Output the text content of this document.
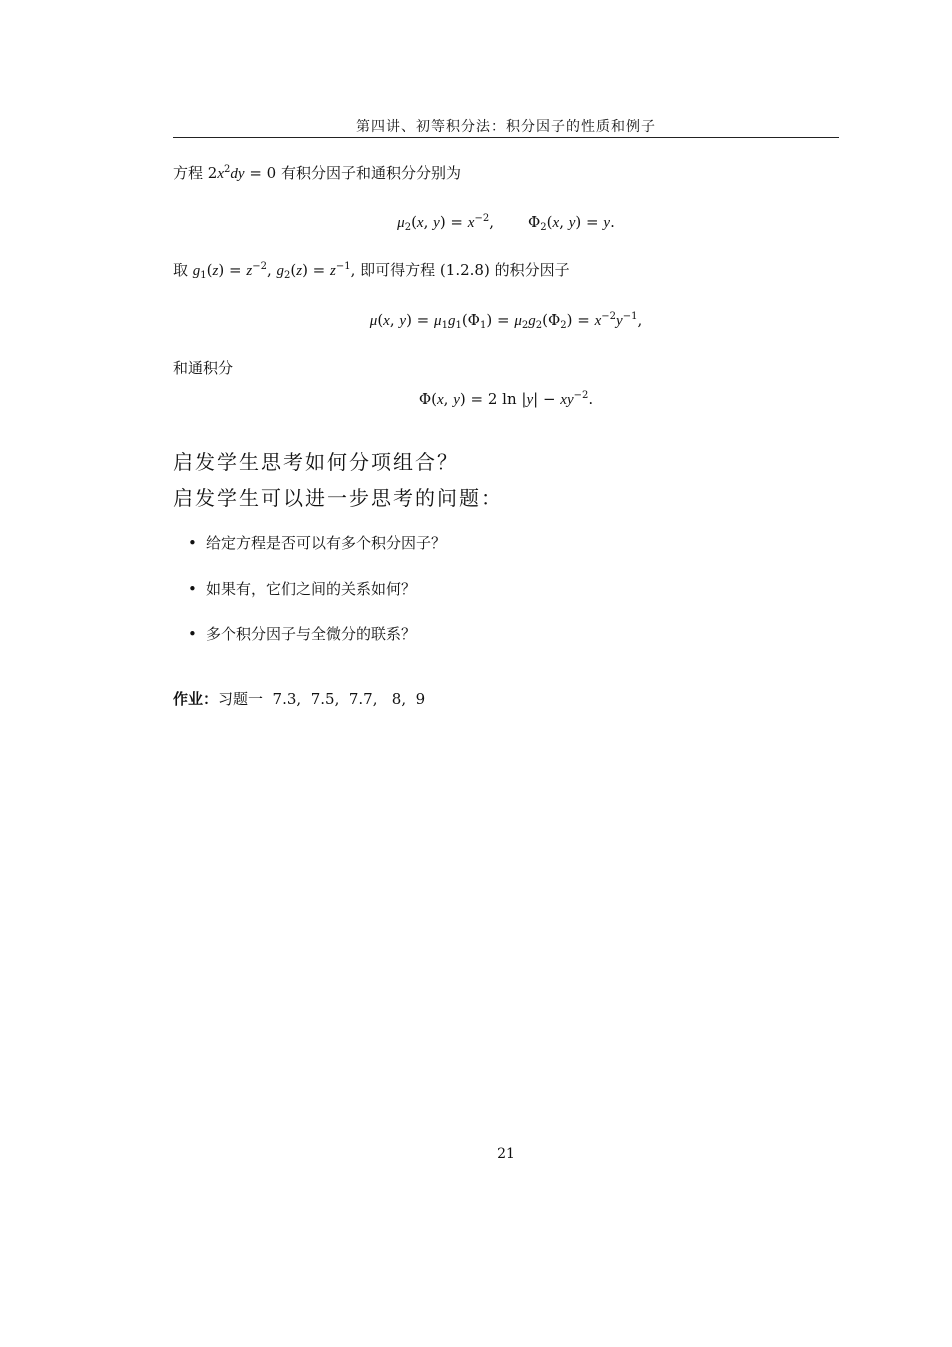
第四讲、初等积分法：积分因子的性质和例子
方程 $2x^2dy = 0$ 有积分因子和通积分分别为
$\mu_2(x$, $y) = x^{-2}$, $\Phi_2(x$, y) = y.
取 $g_1(z) = z^{-2}$, $g_2(z) = z^{-1}$, 即可得方程 (1.2.8) 的积分因子
μ(x, $y) = \mu_1g_1(\Phi_1) = \mu_2g_2(\Phi_2) = x^{-2}y^{-1}$,
和通积分
Φ(x, y) = 2 $\ln |y| - xy^{-2}$.
启发学生思考如何分项组合？
启发学生可以进一步思考的问题：
• 给定方程是否可以有多个积分因子？
• 如果有，它们之间的关系如何？
• 多个积分因子与全微分的联系？
作业：习题一  7.3,  7.5,  7.7,   8,  9
21
